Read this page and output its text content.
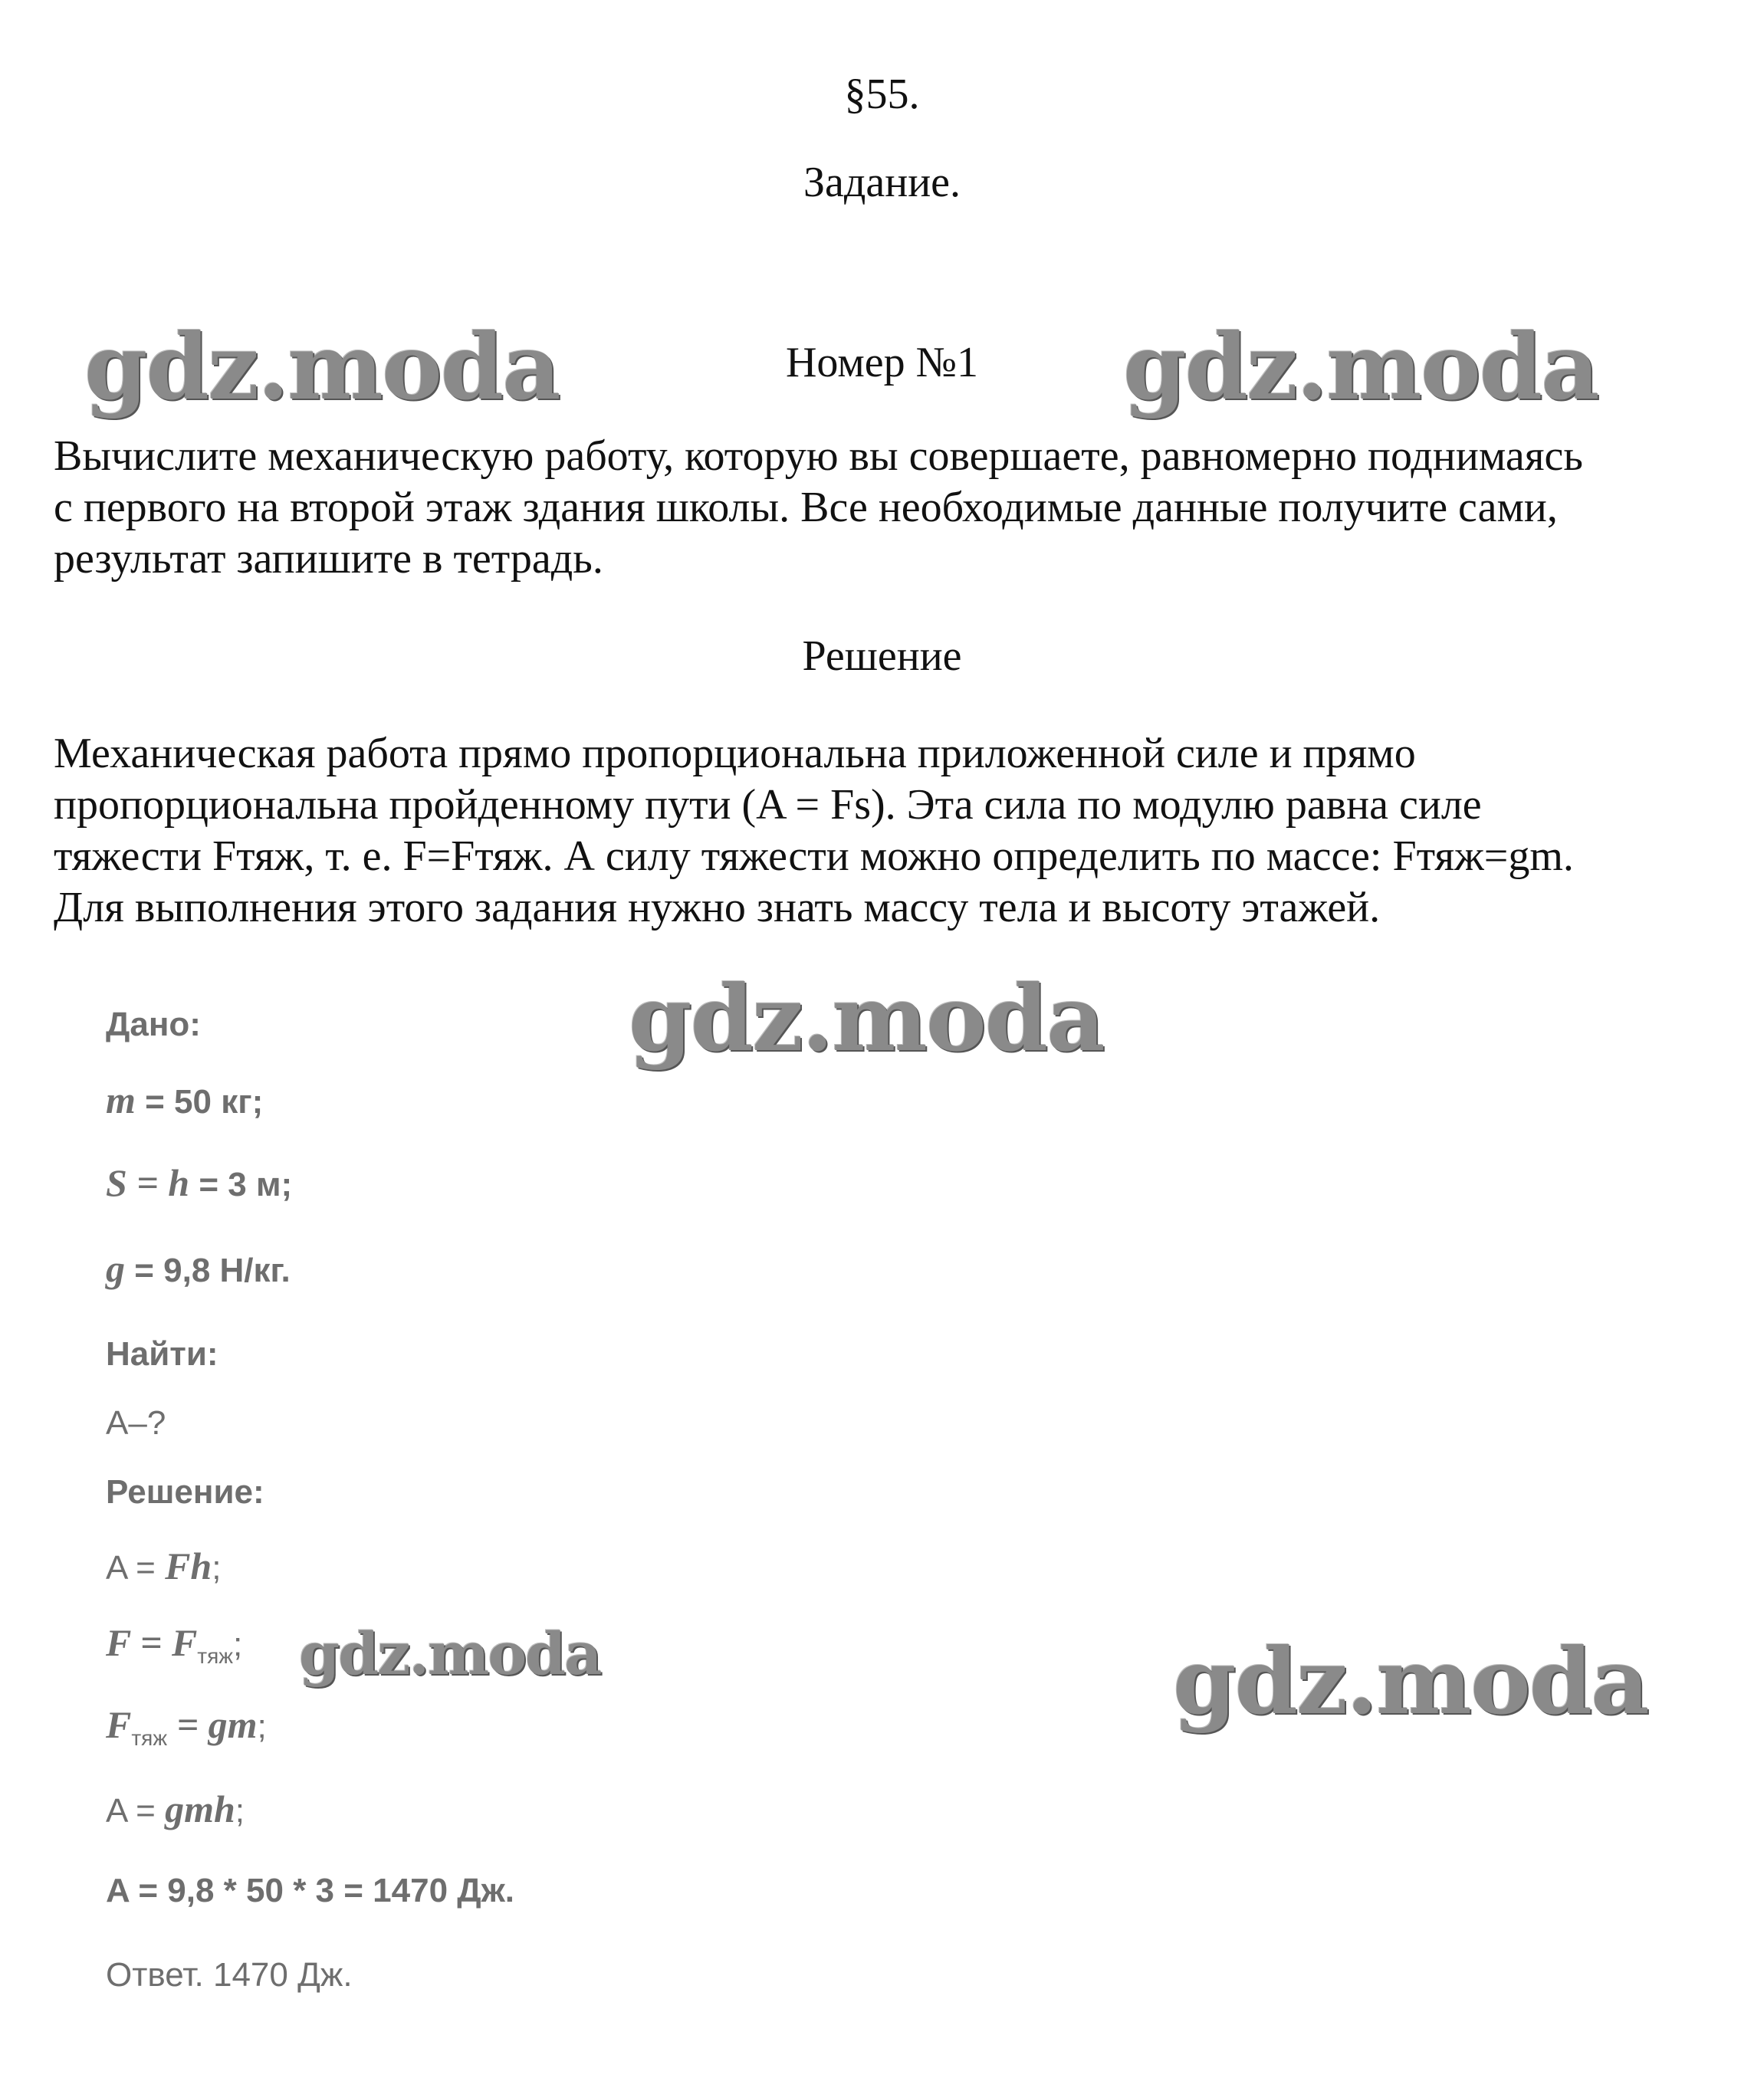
§55.
Задание.
Номер №1
Вычислите механическую работу, которую вы совершаете, равномерно поднимаясь
с первого на второй этаж здания школы. Все необходимые данные получите сами,
результат запишите в тетрадь.
Решение
Механическая работа прямо пропорциональна приложенной силе и прямо
пропорциональна пройденному пути (A = Fs). Эта сила по модулю равна силе
тяжести Fтяж, т. е. F=Fтяж. А силу тяжести можно определить по массе: Fтяж=gm.
Для выполнения этого задания нужно знать массу тела и высоту этажей.
Дано:
m = 50 кг;
S = h = 3 м;
g = 9,8 Н/кг.
Найти:
A–?
Решение:
A = Fh;
$F = F_{тяж}$;
$F_{тяж}$ = gm;
A = gmh;
A = 9,8 * 50 * 3 = 1470 Дж.
Ответ. 1470 Дж.
gdz.moda	gdz.moda
gdz.moda
gdz.moda	gdz.moda
